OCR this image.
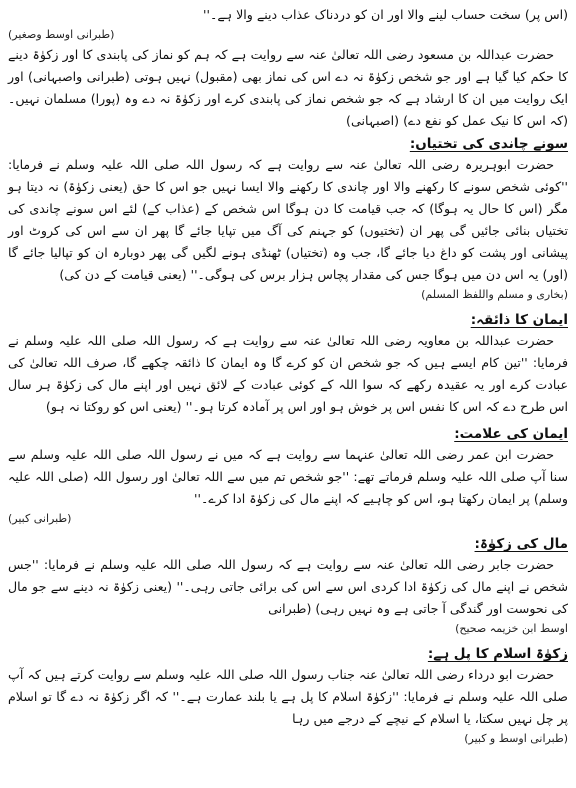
(اس پر) سخت حساب لینے والا اور ان کو دردناک عذاب دینے والا ہے۔''

(طبرانی اوسط وصغیر)

حضرت عبداللہ بن مسعود رضی اللہ تعالیٰ عنہ سے روایت ہے کہ ہم کو نماز کی پابندی کا اور زکوٰۃ دینے کا حکم کیا گیا ہے اور جو شخص زکوٰۃ نہ دے اس کی نماز بھی (مقبول) نہیں ہوتی (طبرانی واصبہانی) اور ایک روایت میں ان کا ارشاد ہے کہ جو شخص نماز کی پابندی کرے اور زکوٰۃ نہ دے وہ (پورا) مسلمان نہیں۔ (کہ اس کا نیک عمل کو نفع دے) (اصبہانی)

سونے چاندی کی تختیاں:

حضرت ابوہریرہ رضی اللہ تعالیٰ عنہ سے روایت ہے کہ رسول اللہ صلی اللہ علیہ وسلم نے فرمایا: ''کوئی شخص سونے کا رکھنے والا اور چاندی کا رکھنے والا ایسا نہیں جو اس کا حق (یعنی زکوٰۃ) نہ دیتا ہو مگر (اس کا حال یہ ہوگا) کہ جب قیامت کا دن ہوگا اس شخص کے (عذاب کے) لئے اس سونے چاندی کی تختیاں بنائی جائیں گی پھر ان (تختیوں) کو جہنم کی آگ میں تپایا جائے گا پھر ان سے اس کی کروٹ اور پیشانی اور پشت کو داغ دیا جائے گا، جب وہ (تختیاں) ٹھنڈی ہونے لگیں گی پھر دوبارہ ان کو تپالیا جائے گا (اور) یہ اس دن میں ہوگا جس کی مقدار پچاس ہزار برس کی ہوگی۔'' (یعنی قیامت کے دن کی)

(بخاری و مسلم واللفظ المسلم)

ایمان کا ذائقہ:

حضرت عبداللہ بن معاویہ رضی اللہ تعالیٰ عنہ سے روایت ہے کہ رسول اللہ صلی اللہ علیہ وسلم نے فرمایا: ''تین کام ایسے ہیں کہ جو شخص ان کو کرے گا وہ ایمان کا ذائقہ چکھے گا، صرف اللہ تعالیٰ کی عبادت کرے اور یہ عقیدہ رکھے کہ سوا اللہ کے کوئی عبادت کے لائق نہیں اور اپنے مال کی زکوٰۃ ہر سال اس طرح دے کہ اس کا نفس اس پر خوش ہو اور اس پر آمادہ کرتا ہو۔'' (یعنی اس کو روکتا نہ ہو)

ایمان کی علامت:

حضرت ابن عمر رضی اللہ تعالیٰ عنہما سے روایت ہے کہ میں نے رسول اللہ صلی اللہ علیہ وسلم سے سنا آپ صلی اللہ علیہ وسلم فرماتے تھے: ''جو شخص تم میں سے اللہ تعالیٰ اور رسول اللہ (صلی اللہ علیہ وسلم) پر ایمان رکھتا ہو، اس کو چاہیے کہ اپنے مال کی زکوٰۃ ادا کرے۔''

(طبرانی کبیر)

مال کی زکوٰۃ:

حضرت جابر رضی اللہ تعالیٰ عنہ سے روایت ہے کہ رسول اللہ صلی اللہ علیہ وسلم نے فرمایا: ''جس شخص نے اپنے مال کی زکوٰۃ ادا کردی اس سے اس کی برائی جاتی رہی۔'' (یعنی زکوٰۃ نہ دینے سے جو مال کی نحوست اور گندگی آ جاتی ہے وہ نہیں رہی) (طبرانی

اوسط ابن خزیمہ صحیح)

زکوٰۃ اسلام کا پل ہے:

حضرت ابو درداء رضی اللہ تعالیٰ عنہ جناب رسول اللہ صلی اللہ علیہ وسلم سے روایت کرتے ہیں کہ آپ صلی اللہ علیہ وسلم نے فرمایا: ''زکوٰۃ اسلام کا پل ہے یا بلند عمارت ہے۔'' کہ اگر زکوٰۃ نہ دے گا تو اسلام پر چل نہیں سکتا، یا اسلام کے نیچے کے درجے میں رہا

(طبرانی اوسط و کبیر)
